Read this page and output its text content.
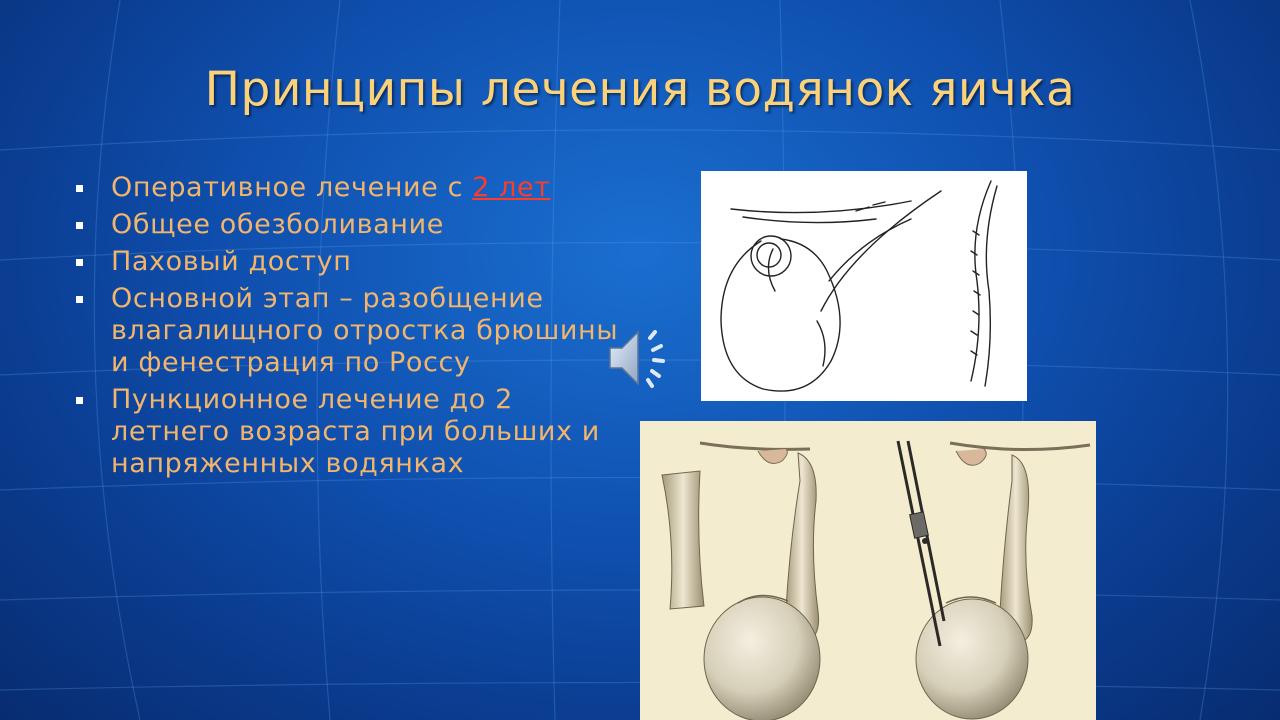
Принципы лечения водянок яичка
Оперативное лечение с 2 лет
Общее обезболивание
Паховый доступ
Основной этап – разобщение влагалищного отростка брюшины и фенестрация по Россу
Пункционное лечение до 2 летнего возраста при больших и напряженных водянках
